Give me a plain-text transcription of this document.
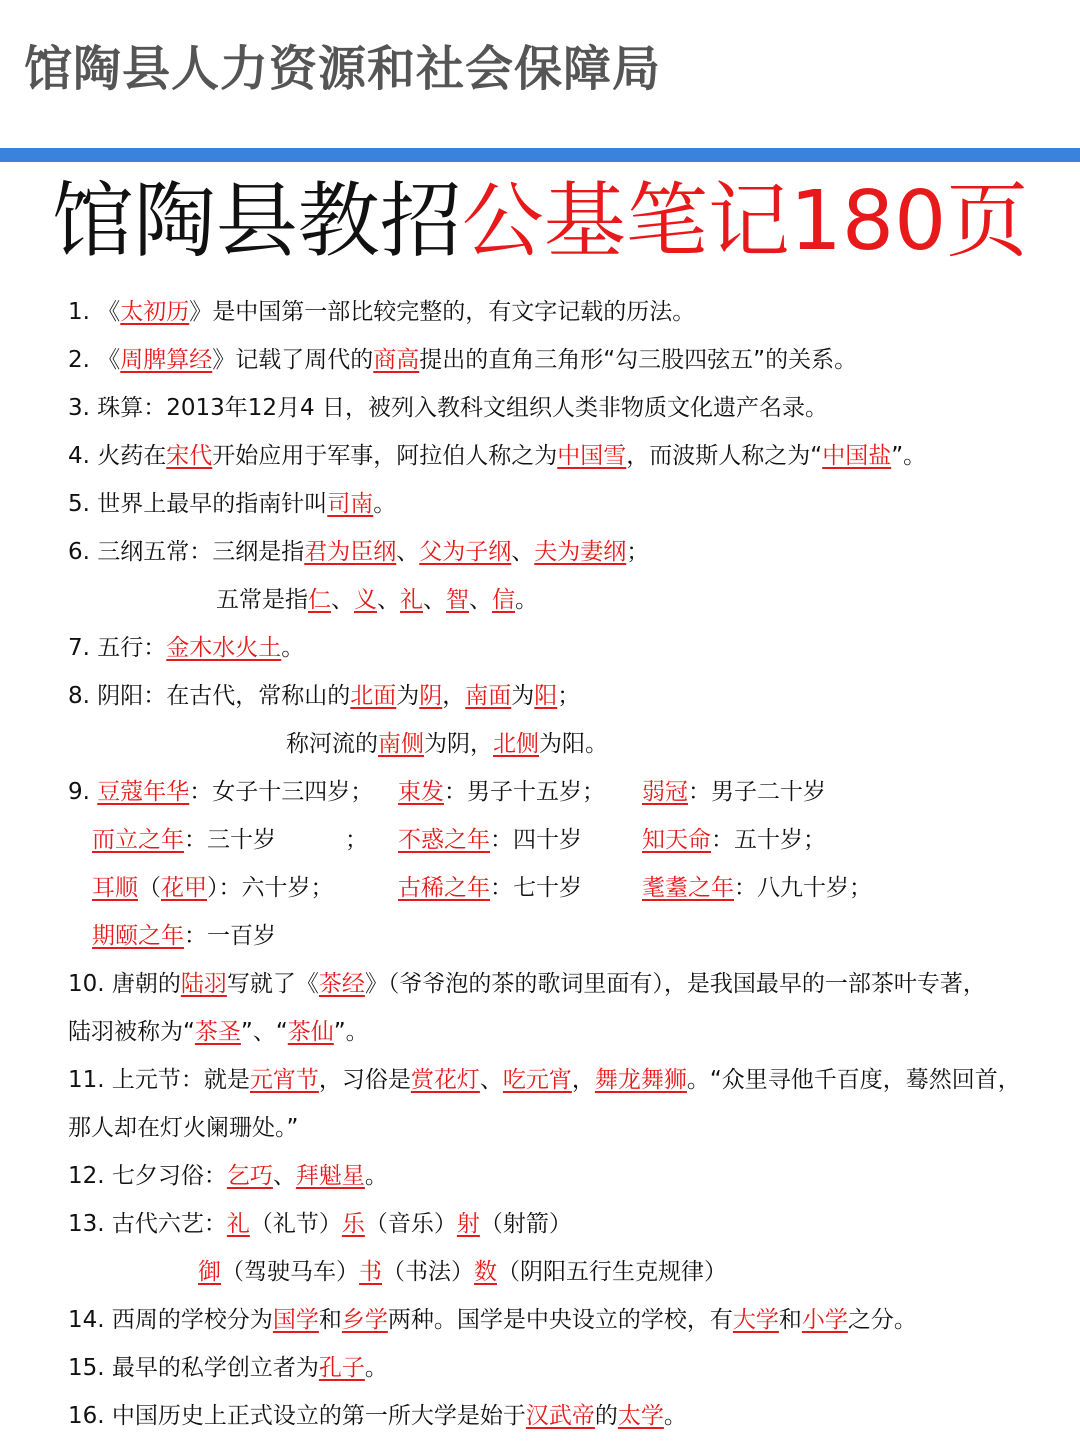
馆陶县人力资源和社会保障局
馆陶县教招公基笔记180页
1. 《太初历》是中国第一部比较完整的，有文字记载的历法。
2. 《周脾算经》记载了周代的商高提出的直角三角形“勾三股四弦五”的关系。
3. 珠算：2013年12月4 日，被列入教科文组织人类非物质文化遗产名录。
4. 火药在宋代开始应用于军事，阿拉伯人称之为中国雪，而波斯人称之为“中国盐”。
5. 世界上最早的指南针叫司南。
6. 三纲五常：三纲是指君为臣纲、父为子纲、夫为妻纲；
五常是指仁、义、礼、智、信。
7. 五行：金木水火土。
8. 阴阳：在古代，常称山的北面为阴，南面为阳；
称河流的南侧为阴，北侧为阳。
9. 豆蔻年华：女子十三四岁；	束发：男子十五岁；	弱冠：男子二十岁
而立之年：三十岁　　　；	不惑之年：四十岁	知天命：五十岁；
耳顺（花甲）：六十岁；	古稀之年：七十岁	耄耋之年：八九十岁；
期颐之年：一百岁
10. 唐朝的陆羽写就了《茶经》（爷爷泡的茶的歌词里面有），是我国最早的一部茶叶专著，
陆羽被称为“茶圣”、“茶仙”。
11. 上元节：就是元宵节，习俗是赏花灯、吃元宵，舞龙舞狮。“众里寻他千百度，蓦然回首，
那人却在灯火阑珊处。”
12. 七夕习俗：乞巧、拜魁星。
13. 古代六艺：礼（礼节）乐（音乐）射（射箭）
御（驾驶马车）书（书法）数（阴阳五行生克规律）
14. 西周的学校分为国学和乡学两种。国学是中央设立的学校，有大学和小学之分。
15. 最早的私学创立者为孔子。
16. 中国历史上正式设立的第一所大学是始于汉武帝的太学。
